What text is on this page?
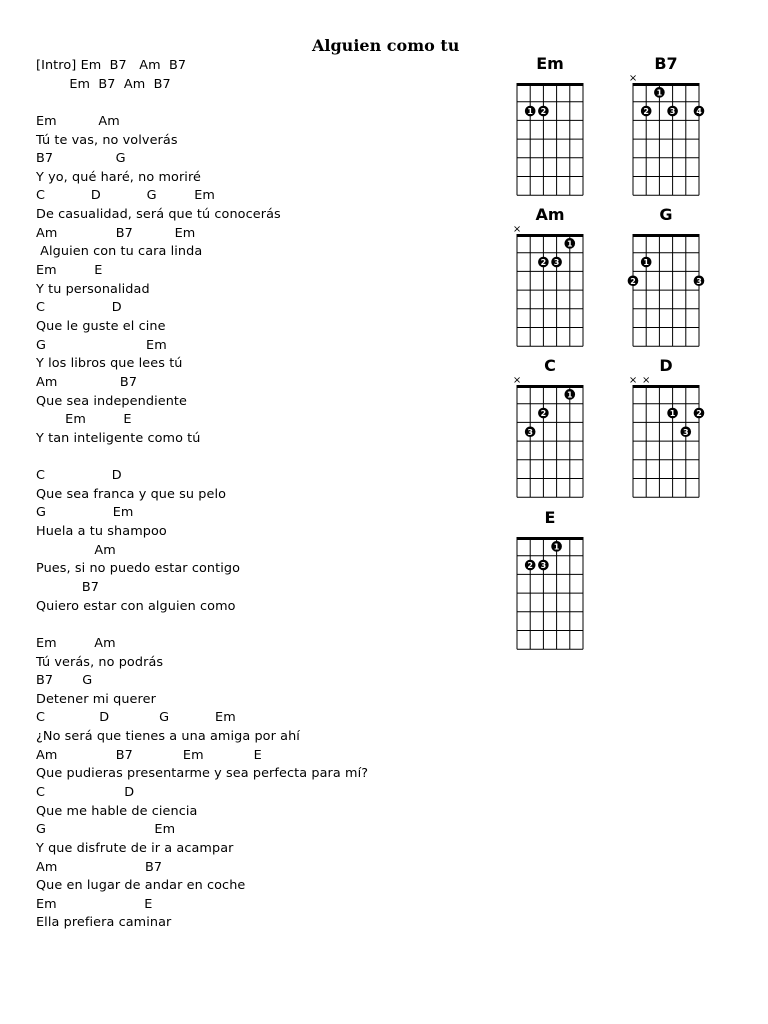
Alguien como tu
[Intro] Em  B7   Am  B7
Em  B7  Am  B7
Em          Am
Tú te vas, no volverás
B7               G
Y yo, qué haré, no moriré
C           D           G         Em
De casualidad, será que tú conocerás
Am              B7          Em
Alguien con tu cara linda
Em         E
Y tu personalidad
C                D
Que le guste el cine
G                        Em
Y los libros que lees tú
Am               B7
Que sea independiente
Em         E
Y tan inteligente como tú
C                D
Que sea franca y que su pelo
G                Em
Huela a tu shampoo
Am
Pues, si no puedo estar contigo
B7
Quiero estar con alguien como
Em         Am
Tú verás, no podrás
B7       G
Detener mi querer
C             D            G           Em
¿No será que tienes a una amiga por ahí
Am              B7            Em            E
Que pudieras presentarme y sea perfecta para mí?
C                   D
Que me hable de ciencia
G                          Em
Y que disfrute de ir a acampar
Am                     B7
Que en lugar de andar en coche
Em                     E
Ella prefiera caminar
Em
1 2
B7
×
1
2	3	4
Am
×
1
2 3
G
1
2	3
C
×
1
2
3
D
× ×
1	2
3
E
1
2 3
